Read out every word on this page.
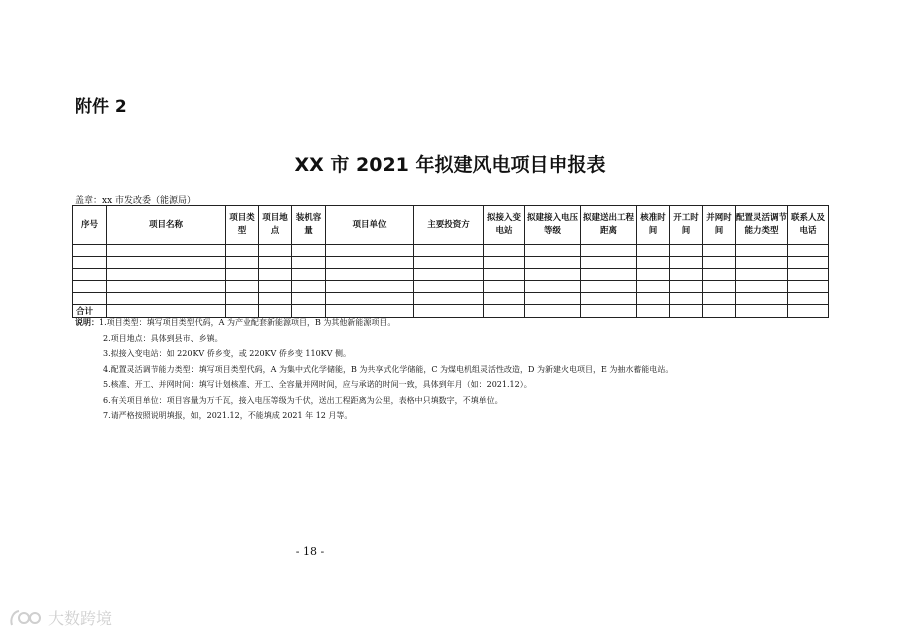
附件 2
XX 市 2021 年拟建风电项目申报表
盖章：xx 市发改委（能源局）
序号	项目名称	项目类型	项目地点	装机容量	项目单位	主要投资方	拟接入变电站	拟建接入电压等级	拟建送出工程距离	核准时间	开工时间	并网时间	配置灵活调节能力类型	联系人及电话

合计														
说明：1.项目类型：填写项目类型代码，A 为产业配套新能源项目，B 为其他新能源项目。
2.项目地点：具体到县市、乡镇。
3.拟接入变电站：如 220KV 侨乡变，或 220KV 侨乡变 110KV 侧。
4.配置灵活调节能力类型：填写项目类型代码，A 为集中式化学储能，B 为共享式化学储能，C 为煤电机组灵活性改造，D 为新建火电项目，E 为抽水蓄能电站。
5.核准、开工、并网时间：填写计划核准、开工、全容量并网时间，应与承诺的时间一致，具体到年月（如：2021.12）。
6.有关项目单位：项目容量为万千瓦，接入电压等级为千伏，送出工程距离为公里，表格中只填数字，不填单位。
7.请严格按照说明填报，如，2021.12，不能填成 2021 年 12 月等。
- 18 -
大数跨境
